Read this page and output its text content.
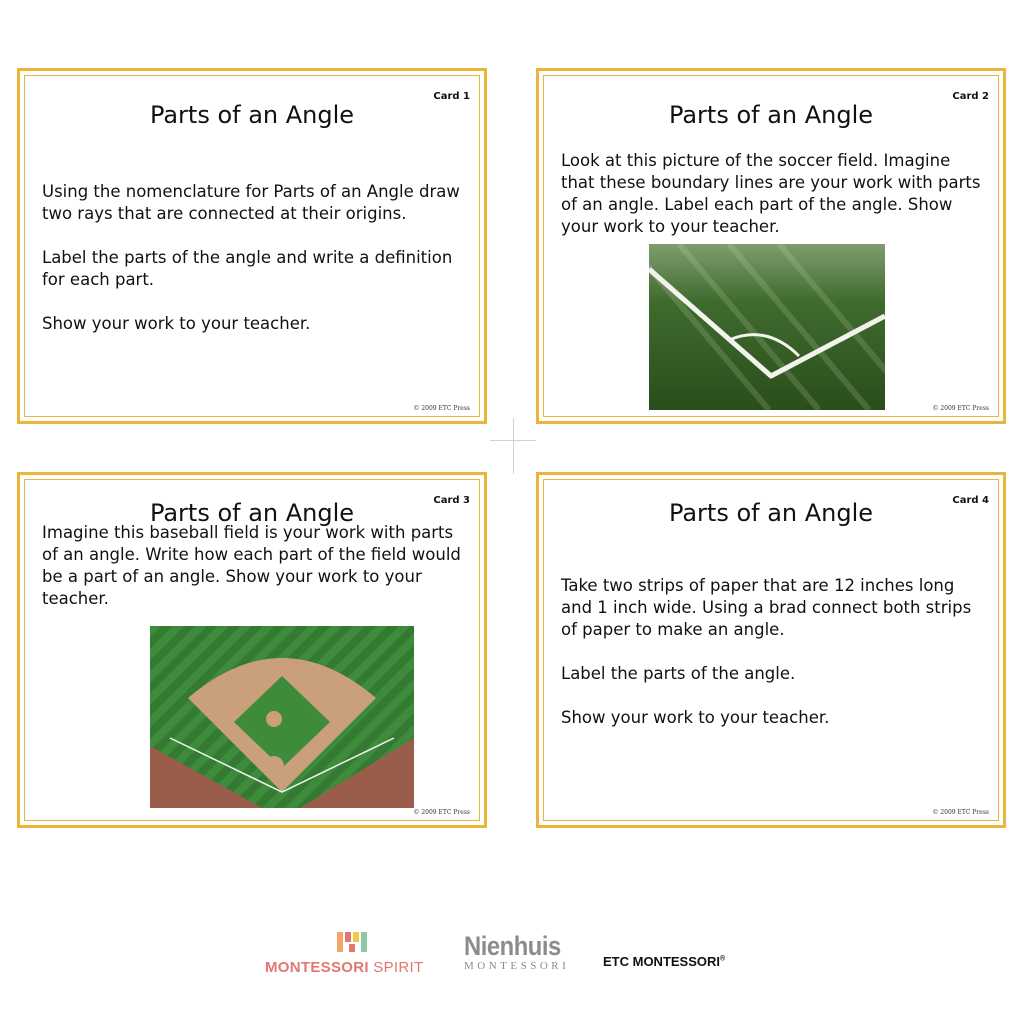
Card 1
Parts of an Angle

Using the nomenclature for Parts of an Angle draw two rays that are connected at their origins.

Label the parts of the angle and write a definition for each part.

Show your work to your teacher.

© 2009 ETC Press
Card 2
Parts of an Angle

Look at this picture of the soccer field. Imagine that these boundary lines are your work with parts of an angle. Label each part of the angle. Show your work to your teacher.

© 2009 ETC Press
Card 3
Parts of an Angle

Imagine this baseball field is your work with parts of an angle. Write how each part of the field would be a part of an angle. Show your work to your teacher.

© 2009 ETC Press
Card 4
Parts of an Angle

Take two strips of paper that are 12 inches long and 1 inch wide. Using a brad connect both strips of paper to make an angle.

Label the parts of the angle.

Show your work to your teacher.

© 2009 ETC Press
MONTESSORI SPIRIT
Nienhuis
MONTESSORI	ETC MONTESSORI®
